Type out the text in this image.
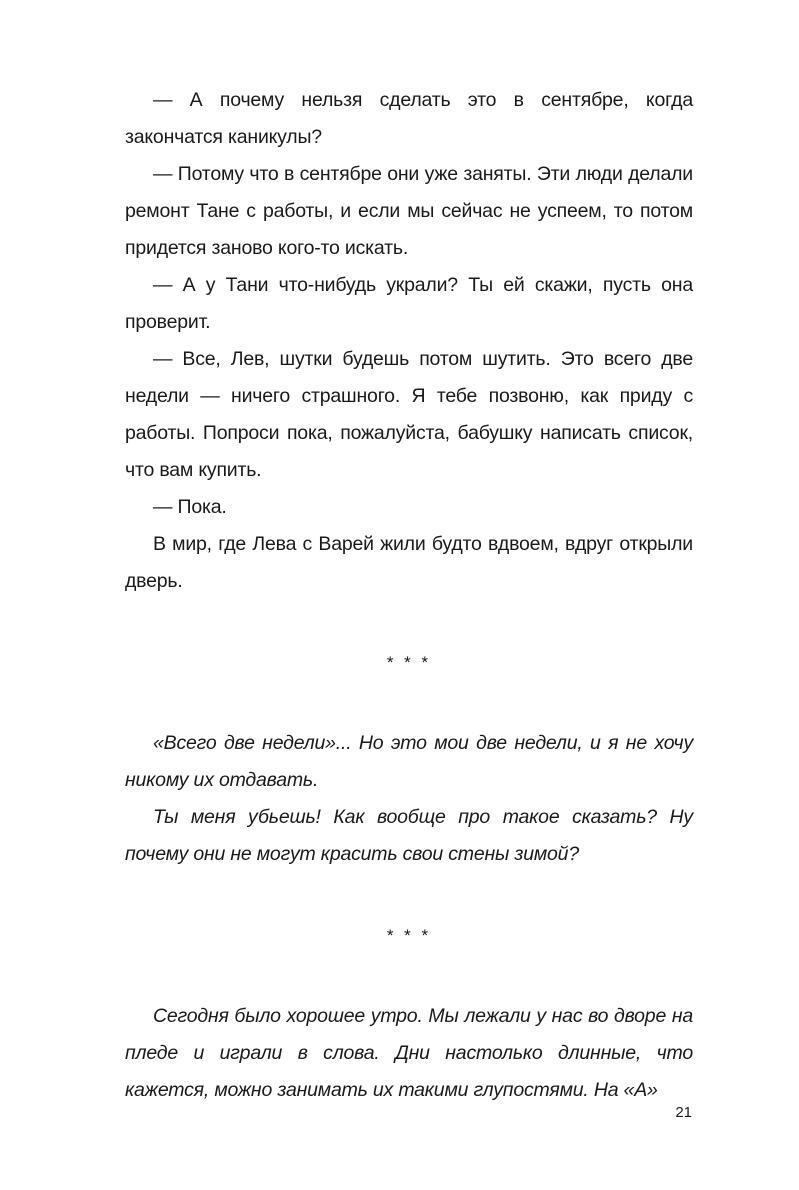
— А почему нельзя сделать это в сентябре, когда закончатся каникулы?

— Потому что в сентябре они уже заняты. Эти люди делали ремонт Тане с работы, и если мы сейчас не успеем, то потом придется заново кого-то искать.

— А у Тани что-нибудь украли? Ты ей скажи, пусть она проверит.

— Все, Лев, шутки будешь потом шутить. Это всего две недели — ничего страшного. Я тебе позвоню, как приду с работы. Попроси пока, пожалуйста, бабушку написать список, что вам купить.

— Пока.

В мир, где Лева с Варей жили будто вдвоем, вдруг открыли дверь.

* * *

«Всего две недели»... Но это мои две недели, и я не хочу никому их отдавать.

Ты меня убьешь! Как вообще про такое сказать? Ну почему они не могут красить свои стены зимой?

* * *

Сегодня было хорошее утро. Мы лежали у нас во дворе на пледе и играли в слова. Дни настолько длинные, что кажется, можно занимать их такими глупостями. На «А»

21
